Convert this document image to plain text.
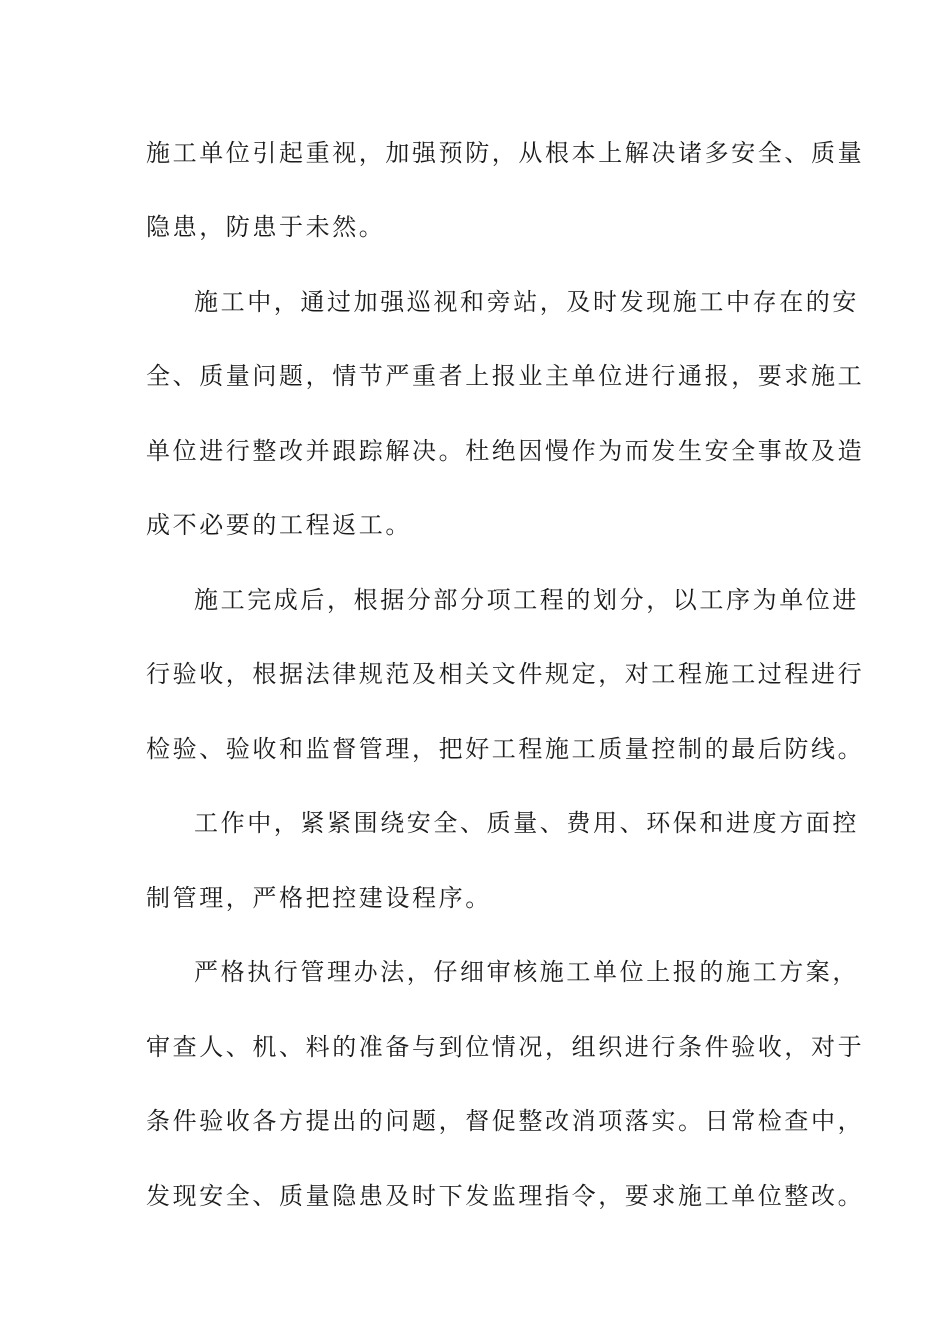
施工单位引起重视，加强预防，从根本上解决诸多安全、质量
隐患，防患于未然。
施工中，通过加强巡视和旁站，及时发现施工中存在的安
全、质量问题，情节严重者上报业主单位进行通报，要求施工
单位进行整改并跟踪解决。杜绝因慢作为而发生安全事故及造
成不必要的工程返工。
施工完成后，根据分部分项工程的划分，以工序为单位进
行验收，根据法律规范及相关文件规定，对工程施工过程进行
检验、验收和监督管理，把好工程施工质量控制的最后防线。
工作中，紧紧围绕安全、质量、费用、环保和进度方面控
制管理，严格把控建设程序。
严格执行管理办法，仔细审核施工单位上报的施工方案，
审查人、机、料的准备与到位情况，组织进行条件验收，对于
条件验收各方提出的问题，督促整改消项落实。日常检查中，
发现安全、质量隐患及时下发监理指令，要求施工单位整改。
